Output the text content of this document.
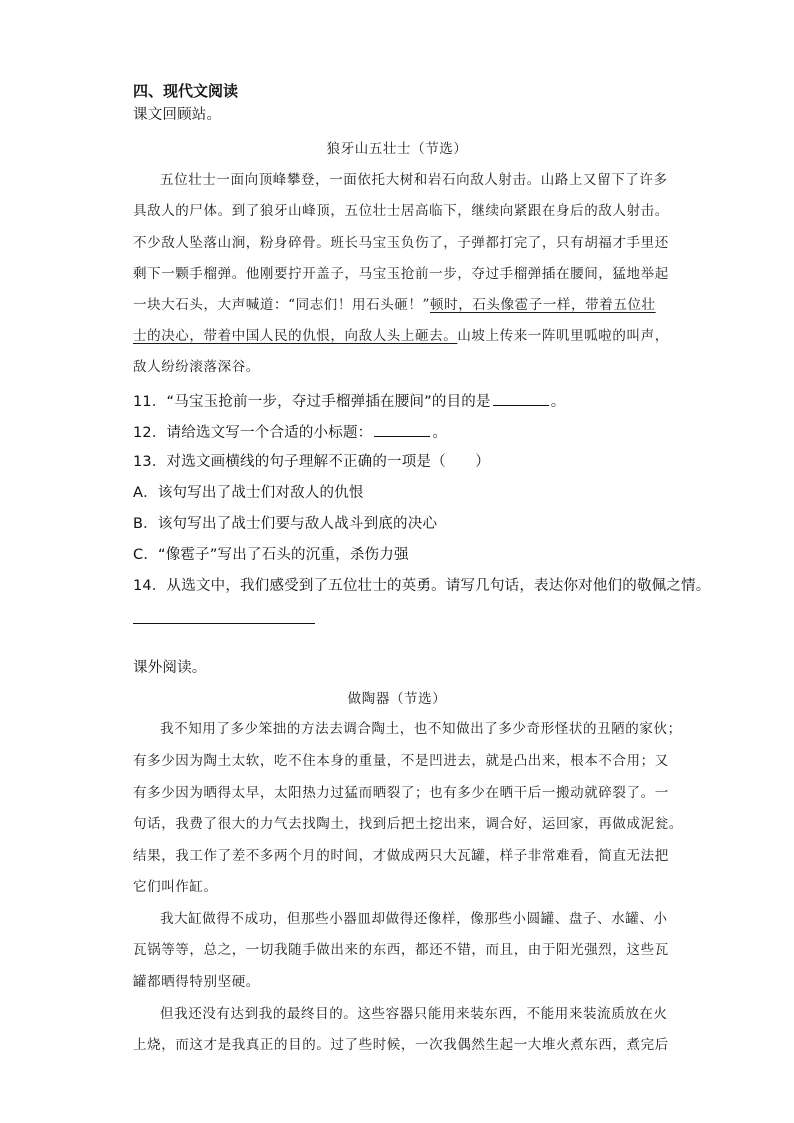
四、现代文阅读
课文回顾站。
狼牙山五壮士（节选）
五位壮士一面向顶峰攀登，一面依托大树和岩石向敌人射击。山路上又留下了许多
具敌人的尸体。到了狼牙山峰顶，五位壮士居高临下，继续向紧跟在身后的敌人射击。
不少敌人坠落山涧，粉身碎骨。班长马宝玉负伤了，子弹都打完了，只有胡福才手里还
剩下一颗手榴弹。他刚要拧开盖子，马宝玉抢前一步，夺过手榴弹插在腰间，猛地举起
一块大石头，大声喊道：“同志们！用石头砸！”顿时，石头像雹子一样，带着五位壮
士的决心，带着中国人民的仇恨，向敌人头上砸去。山坡上传来一阵叽里呱啦的叫声，
敌人纷纷滚落深谷。
11．“马宝玉抢前一步，夺过手榴弹插在腰间”的目的是	。
12．请给选文写一个合适的小标题：	。
13．对选文画横线的句子理解不正确的一项是（　　）
A．该句写出了战士们对敌人的仇恨
B．该句写出了战士们要与敌人战斗到底的决心
C．“像雹子”写出了石头的沉重，杀伤力强
14．从选文中，我们感受到了五位壮士的英勇。请写几句话，表达你对他们的敬佩之情。
课外阅读。
做陶器（节选）
我不知用了多少笨拙的方法去调合陶土，也不知做出了多少奇形怪状的丑陋的家伙；
有多少因为陶土太软，吃不住本身的重量，不是凹进去，就是凸出来，根本不合用；又
有多少因为晒得太早，太阳热力过猛而晒裂了；也有多少在晒干后一搬动就碎裂了。一
句话，我费了很大的力气去找陶土，找到后把土挖出来，调合好，运回家，再做成泥瓮。
结果，我工作了差不多两个月的时间，才做成两只大瓦罐，样子非常难看，简直无法把
它们叫作缸。
我大缸做得不成功，但那些小器皿却做得还像样，像那些小圆罐、盘子、水罐、小
瓦锅等等，总之，一切我随手做出来的东西，都还不错，而且，由于阳光强烈，这些瓦
罐都晒得特别坚硬。
但我还没有达到我的最终目的。这些容器只能用来装东西，不能用来装流质放在火
上烧，而这才是我真正的目的。过了些时候，一次我偶然生起一大堆火煮东西，煮完后
